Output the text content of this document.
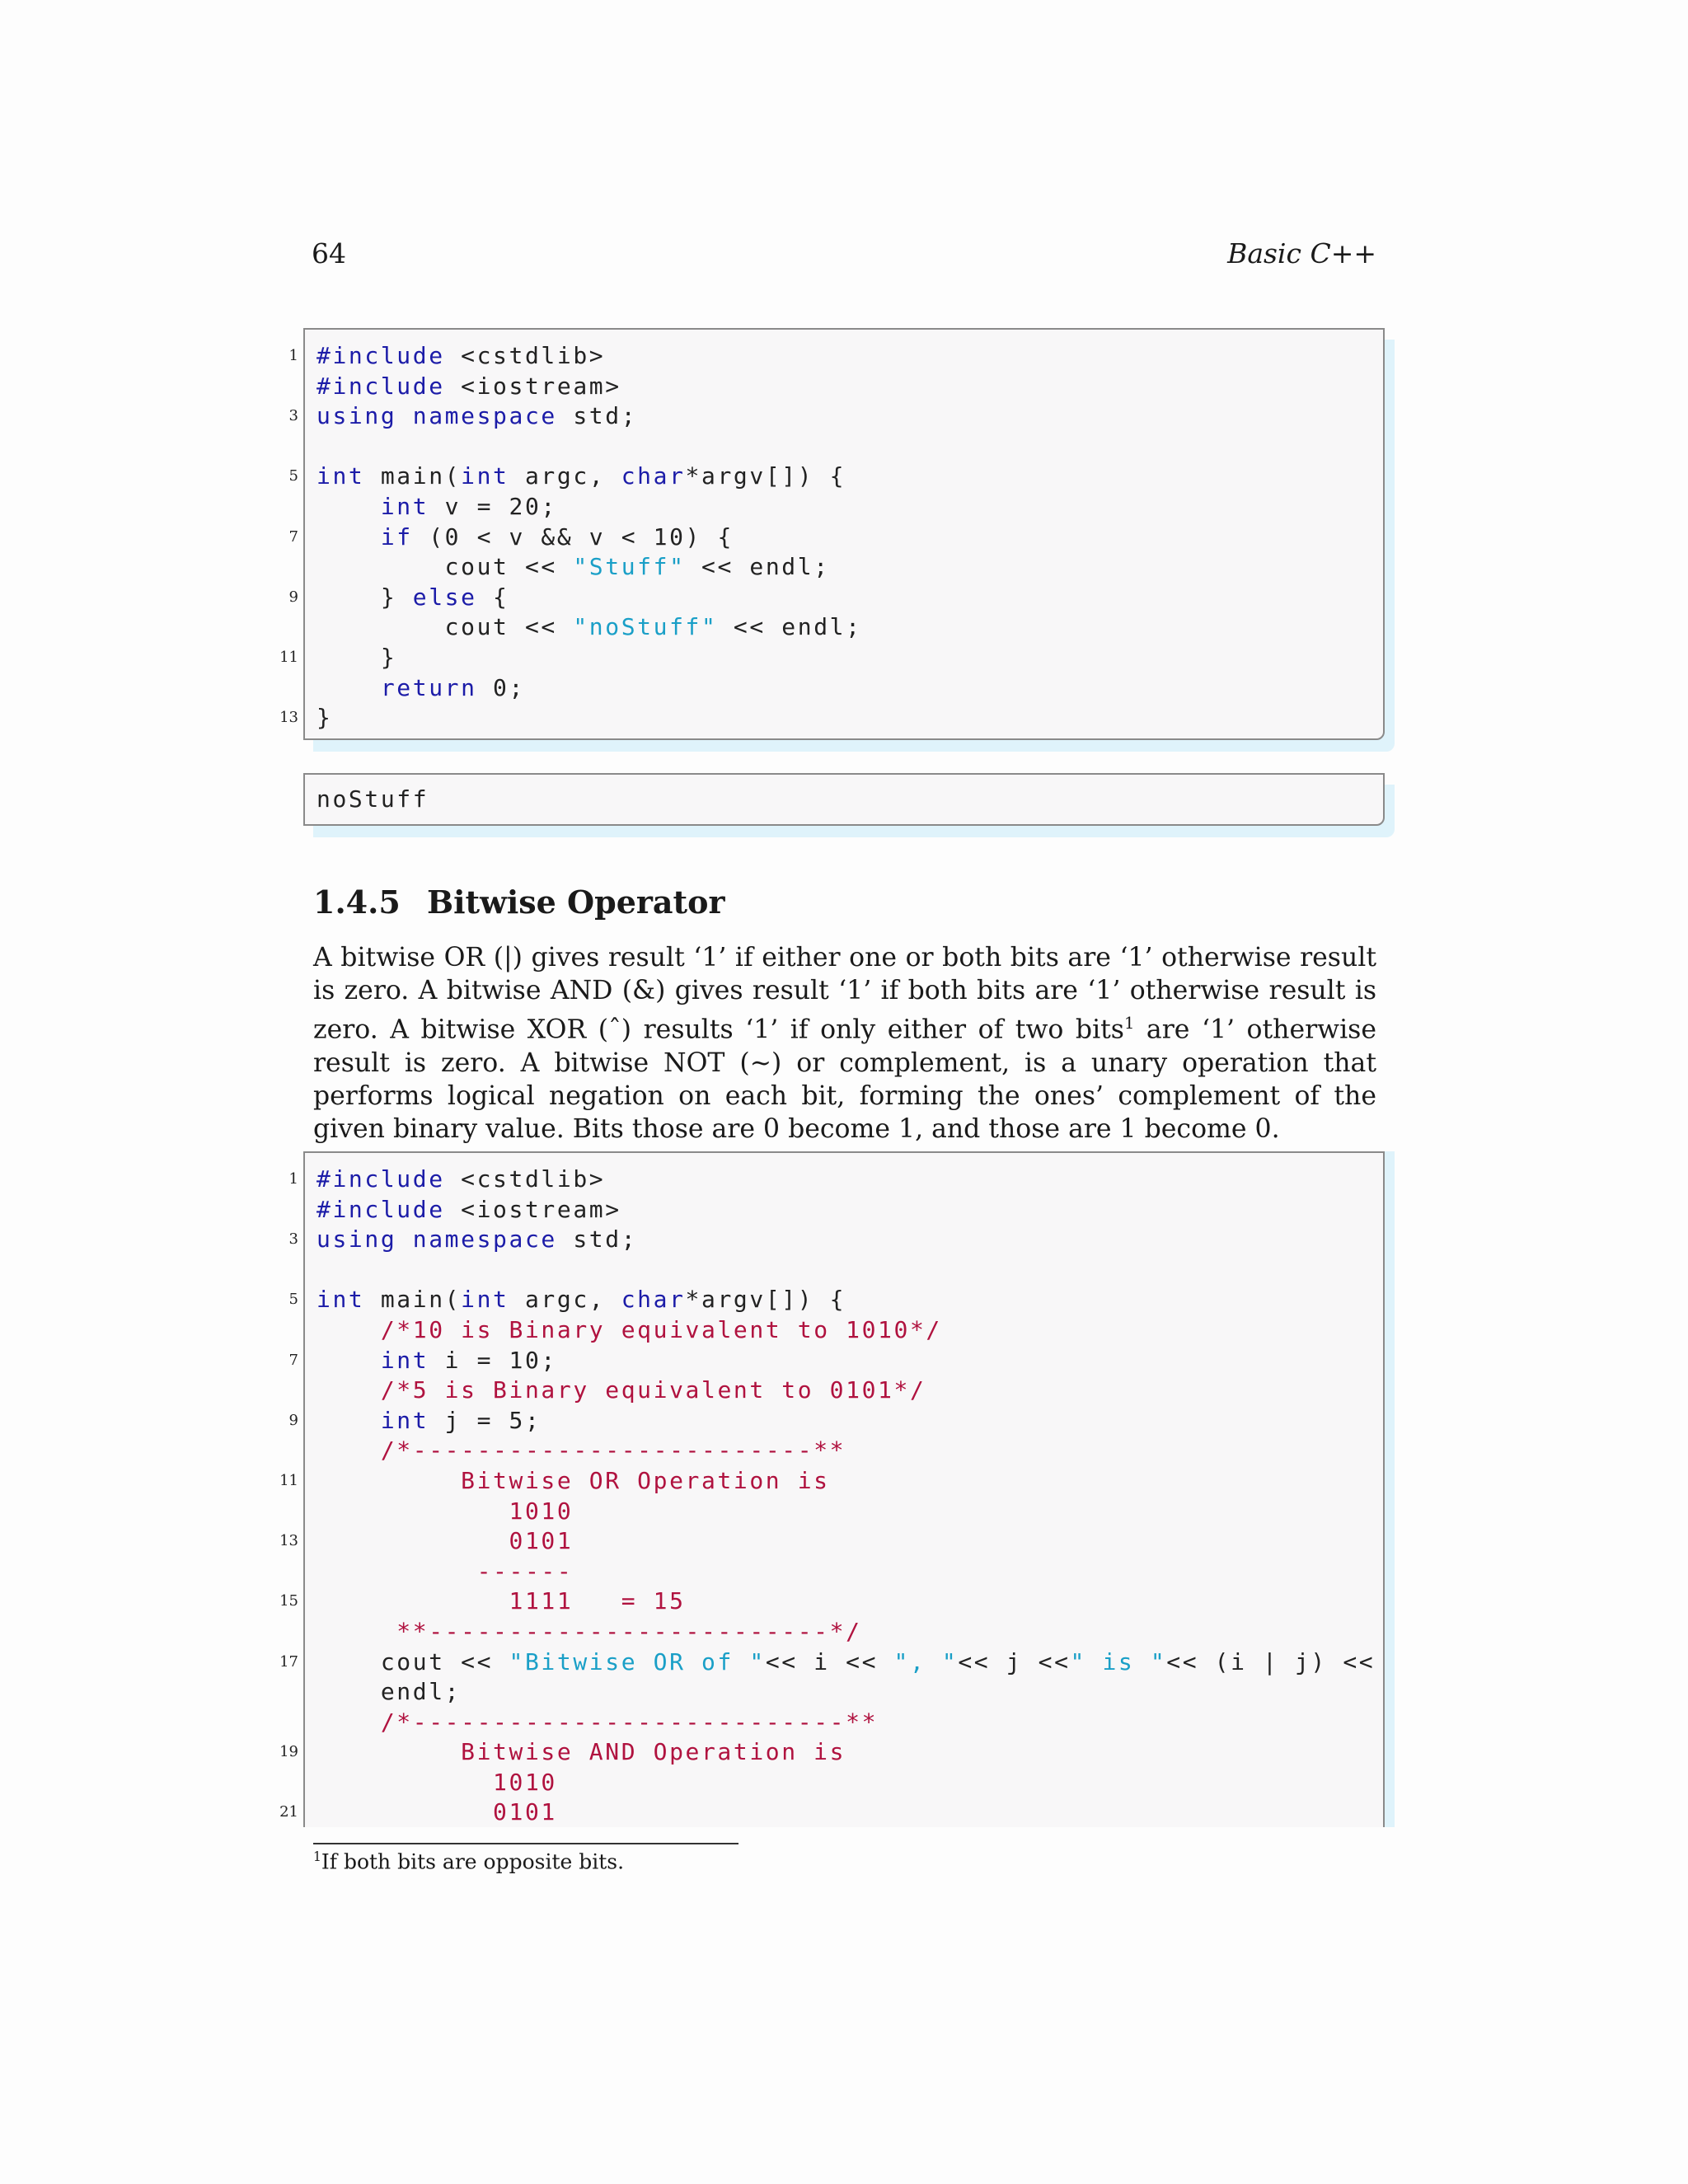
64	Basic C++
1 #include <cstdlib>
#include <iostream>
3 using namespace std;
5 int main(int argc, char*argv[]) {
int v = 20;
7	if (0 < v && v < 10) {
cout << "Stuff" << endl;
9 } else {
cout << "noStuff" << endl;
11 }
return 0;
13 }
noStuff
1.4.5 Bitwise Operator
A bitwise OR (|) gives result ‘1’ if either one or both bits are ‘1’ otherwise result is zero. A bitwise AND (&) gives result ‘1’ if both bits are ‘1’ otherwise result is zero. A bitwise XOR (ˆ) results ‘1’ if only either of two bits$^1$ are ‘1’ otherwise result is zero. A bitwise NOT (∼) or complement, is a unary operation that performs logical negation on each bit, forming the ones’ complement of the given binary value. Bits those are 0 become 1, and those are 1 become 0.
1 #include <cstdlib>
#include <iostream>
3 using namespace std;
5 int main(int argc, char*argv[]) {
/*10 is Binary equivalent to 1010*/
7	int i = 10;
/*5 is Binary equivalent to 0101*/
9	int j = 5;
/*-------------------------**
11 Bitwise OR Operation is
1010
13 0101
------
15 1111   = 15
**-------------------------*/
17 cout << "Bitwise OR of "<< i << ", "<< j <<" is "<< (i | j) <<
endl;
/*---------------------------**
19 Bitwise AND Operation is
1010
21 0101
$^1$If both bits are opposite bits.
